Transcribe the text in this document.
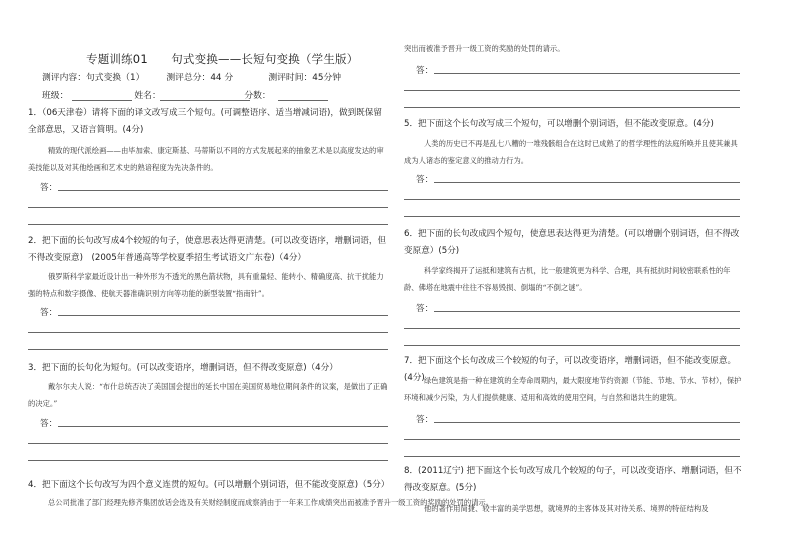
专题训练01　　句式变换——长短句变换（学生版）
测评内容：句式变换（1）　　　测评总分：44 分　　　　测评时间：45分钟
班级：　　　　　　　　姓名：　　　　　　　　　　分数：　　　　
1．（06天津卷）请将下面的译文改写成三个短句。(可调整语序、适当增减词语)，做到既保留全部意思，又语言简明。(4分)
精致的现代派绘画——由毕加索、康定斯基、马蒂斯以不同的方式发展起来的抽象艺术是以高度发达的审美技能以及对其他绘画和艺术史的熟谙程度为先决条件的。
答：
2．把下面的长句改写成4个较短的句子，使意思表达得更清楚。(可以改变语序，增删词语，但不得改变原意)　(2005年普通高等学校夏季招生考试语文广东卷)（4分）
俄罗斯科学家最近设计出一种外形为不透光的黑色箭状物，具有重量轻、能转小、精确度高、抗干扰能力强的特点和数字摄像、使航天器准确识别方向等功能的新型装置“指南针”。
答：
3．把下面的长句化为短句。(可以改变语序，增删词语，但不得改变原意)（4分）
戴尔尔夫人说：“布什总统否决了美国国会提出的延长中国在美国贸易地位期间条件的议案，是做出了正确的决定。”
答：
4．把下面这个长句改写为四个意义连贯的短句。(可以增删个别词语，但不能改变原意)（5分）
总公司批准了部门经理先修齐集团放话会选及有关财经制度而成察消由于一年来工作成绩突出而被准予晋升一级工资的奖励的处罚的请示。
突出而被准予晋升一级工资的奖励的处罚的请示。
答：
5．把下面这个长句改写成三个短句，可以增删个别词语，但不能改变原意。(4分)
人类的历史已不再是乱七八糟的一堆残骸组合在这时已成熟了的哲学理性的法庭所唤并且使其兼具成为人诸态的鉴定意义的推动力行为。
答：
6．把下面的长句改成四个短句，使意思表达得更为清楚。(可以增删个别词语，但不得改变原意）(5分)
科学家终揭开了运抵和建筑有古机，比一般建筑更为科学、合理，具有抵抗时间较密联系性的年龄、佛塔在地震中往往不容易毁损、倒塌的“不倒之谜”。
答：
7．把下面这个长句改成三个较短的句子，可以改变语序，增删词语，但不能改变原意。(4分) 绿色建筑是指一种在建筑的全寿命周期内，最大限度地节约资源（节能、节地、节水、节材），保护环境和减少污染，为人们提供健康、适用和高效的使用空间，与自然和谐共生的建筑。
答：
8．(2011辽宁) 把下面这个长句改写成几个较短的句子，可以改变语序、增删词语，但不得改变原意。(5分)
他的著作用简捷、较丰富的美学思想，就境界的主客体及其对待关系、境界的特征结构及
